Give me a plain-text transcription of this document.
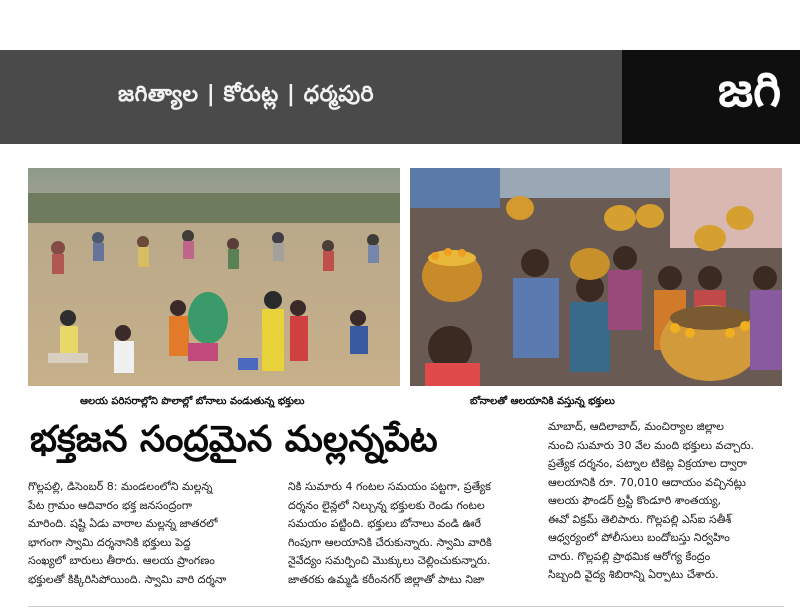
జగిత్యాల | కోరుట్ల | ధర్మపురి	జగి
ఆలయ పరిసరాల్లోని పొలాల్లో బోనాలు వండుతున్న భక్తులు	బోనాలతో ఆలయానికి వస్తున్న భక్తులు
భక్తజన సంద్రమైన మల్లన్నపేట

గొల్లపల్లి, డిసెంబర్ 8: మండలంలోని మల్లన్న

పేట గ్రామం ఆదివారం భక్త జనసంద్రంగా

మారింది. షష్టి ఏడు వారాల మల్లన్న జాతరలో

భాగంగా స్వామి దర్శనానికి భక్తులు పెద్ద

సంఖ్యలో బారులు తీరారు. ఆలయ ప్రాంగణం

భక్తులతో కిక్కిరిసిపోయింది. స్వామి వారి దర్శనా

నికి సుమారు 4 గంటల సమయం పట్టగా, ప్రత్యేక

దర్శనం లైన్లలో నిల్చున్న భక్తులకు రెండు గంటల

సమయం పట్టింది. భక్తులు బోనాలు వండి ఊరే

గింపుగా ఆలయానికి చేరుకున్నారు. స్వామి వారికి

నైవేద్యం సమర్పించి మొక్కులు చెల్లించుకున్నారు.

జాతరకు ఉమ్మడి కరీంనగర్ జిల్లాతో పాటు నిజా

మాబాద్, ఆదిలాబాద్, మంచిర్యాల జిల్లాల

నుంచి సుమారు 30 వేల మంది భక్తులు వచ్చారు.

ప్రత్యేక దర్శనం, పట్నాల టికెట్ల విక్రయాల ద్వారా

ఆలయానికి రూ. 70,010 ఆదాయం వచ్చినట్లు

ఆలయ ఫౌండర్ ట్రస్టీ కొండూరి శాంతయ్య,

ఈవో విక్రమ్ తెలిపారు. గొల్లపల్లి ఎస్ఐ సతీశ్

ఆధ్వర్యంలో పోలీసులు బందోబస్తు నిర్వహిం

చారు. గొల్లపల్లి ప్రాథమిక ఆరోగ్య కేంద్రం

సిబ్బంది వైద్య శిబిరాన్ని ఏర్పాటు చేశారు.
